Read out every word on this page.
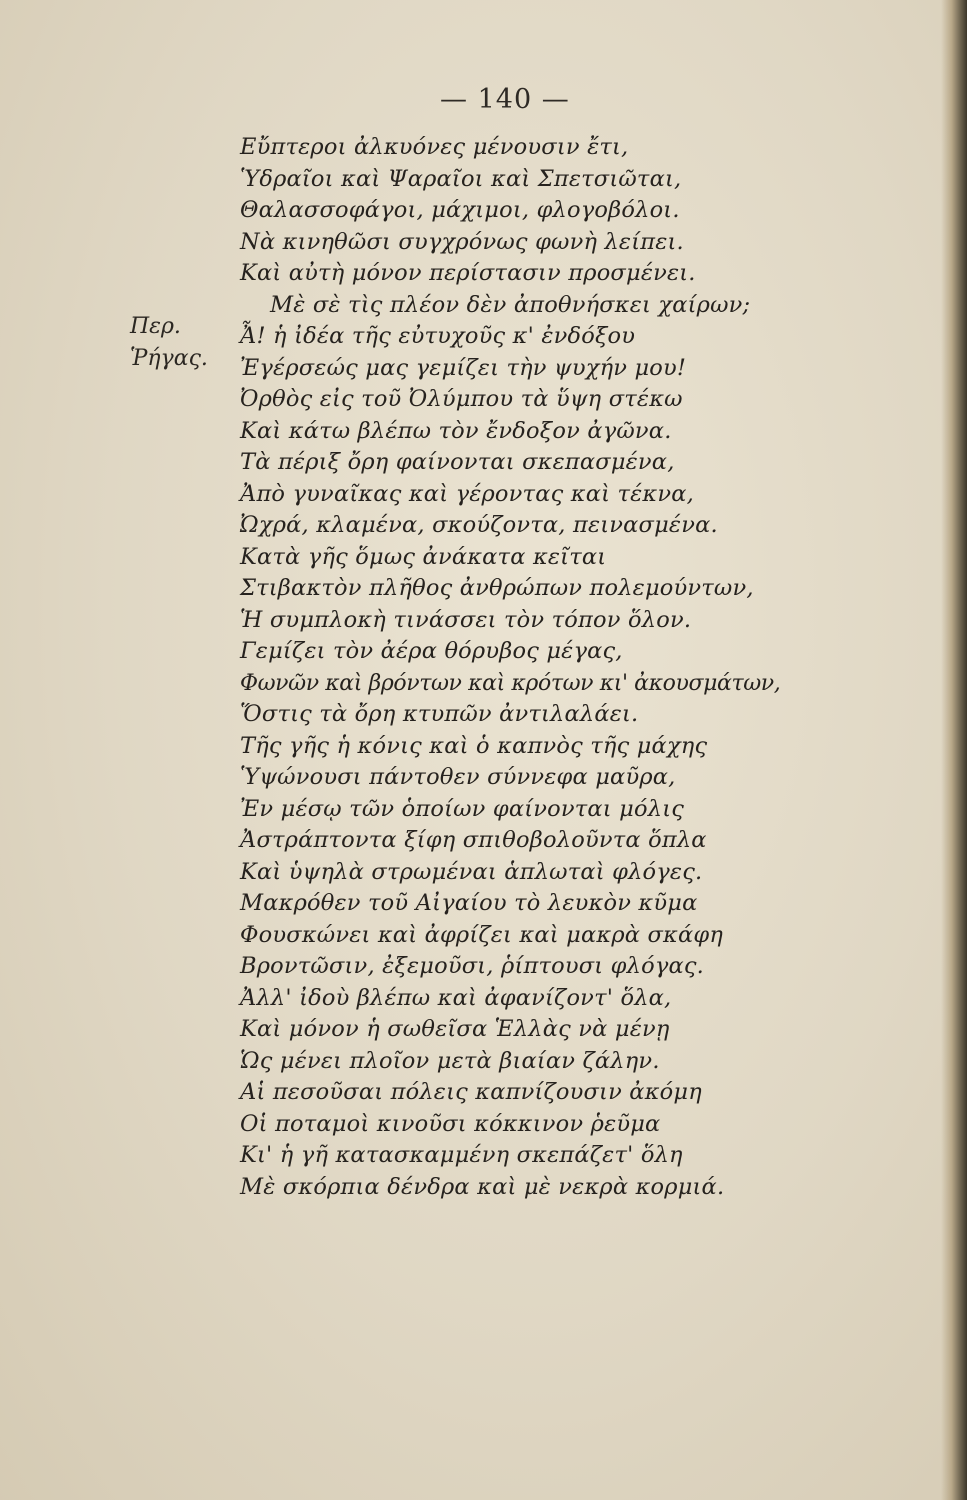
— 140 —
Περ.
Ῥήγας.
Εὔπτεροι ἀλκυόνες μένουσιν ἔτι,
Ὑδραῖοι καὶ Ψαραῖοι καὶ Σπετσιῶται,
Θαλασσοφάγοι, μάχιμοι, φλογοβόλοι.
Νὰ κινηθῶσι συγχρόνως φωνὴ λείπει.
Καὶ αὐτὴ μόνον περίστασιν προσμένει.
Μὲ σὲ τὶς πλέον δὲν ἀποθνήσκει χαίρων;
Ἆ! ἡ ἰδέα τῆς εὐτυχοῦς κ' ἐνδόξου
Ἐγέρσεώς μας γεμίζει τὴν ψυχήν μου!
Ὀρθὸς εἰς τοῦ Ὀλύμπου τὰ ὕψη στέκω
Καὶ κάτω βλέπω τὸν ἔνδοξον ἀγῶνα.
Τὰ πέριξ ὄρη φαίνονται σκεπασμένα,
Ἀπὸ γυναῖκας καὶ γέροντας καὶ τέκνα,
Ὠχρά, κλαμένα, σκούζοντα, πεινασμένα.
Κατὰ γῆς ὅμως ἀνάκατα κεῖται
Στιβακτὸν πλῆθος ἀνθρώπων πολεμούντων,
Ἡ συμπλοκὴ τινάσσει τὸν τόπον ὅλον.
Γεμίζει τὸν ἀέρα θόρυβος μέγας,
Φωνῶν καὶ βρόντων καὶ κρότων κι' ἀκουσμάτων,
Ὅστις τὰ ὄρη κτυπῶν ἀντιλαλάει.
Τῆς γῆς ἡ κόνις καὶ ὁ καπνὸς τῆς μάχης
Ὑψώνουσι πάντοθεν σύννεφα μαῦρα,
Ἐν μέσῳ τῶν ὁποίων φαίνονται μόλις
Ἀστράπτοντα ξίφη σπιθοβολοῦντα ὅπλα
Καὶ ὑψηλὰ στρωμέναι ἁπλωταὶ φλόγες.
Μακρόθεν τοῦ Αἰγαίου τὸ λευκὸν κῦμα
Φουσκώνει καὶ ἀφρίζει καὶ μακρὰ σκάφη
Βροντῶσιν, ἐξεμοῦσι, ῥίπτουσι φλόγας.
Ἀλλ' ἰδοὺ βλέπω καὶ ἀφανίζοντ' ὅλα,
Καὶ μόνον ἡ σωθεῖσα Ἑλλὰς νὰ μένῃ
Ὡς μένει πλοῖον μετὰ βιαίαν ζάλην.
Αἱ πεσοῦσαι πόλεις καπνίζουσιν ἀκόμη
Οἱ ποταμοὶ κινοῦσι κόκκινον ῥεῦμα
Κι' ἡ γῆ κατασκαμμένη σκεπάζετ' ὅλη
Μὲ σκόρπια δένδρα καὶ μὲ νεκρὰ κορμιά.
